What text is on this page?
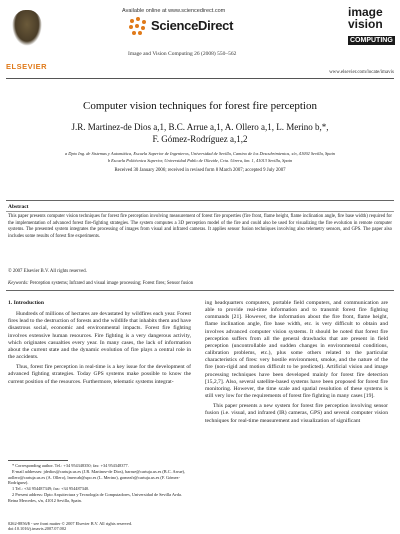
ELSEVIER
Available online at www.sciencedirect.com
ScienceDirect
Image and Vision Computing 26 (2008) 550–562
image
vision
COMPUTING
www.elsevier.com/locate/imavis
Computer vision techniques for forest fire perception
J.R. Martinez-de Dios a,1, B.C. Arrue a,1, A. Ollero a,1, L. Merino b,*,
F. Gómez-Rodríguez a,1,2
a Dpto Ing. de Sistemas y Automática, Escuela Superior de Ingenieros, Universidad de Sevilla, Camino de los Descubrimientos, s/n, 41092 Sevilla, Spain
b Escuela Politécnica Superior, Universidad Pablo de Olavide, Crta. Utrera, km. 1, 41013 Sevilla, Spain
Received 30 January 2006; received in revised form 8 March 2007; accepted 9 July 2007
Abstract
This paper presents computer vision techniques for forest fire perception involving measurement of forest fire properties (fire front, flame height, flame inclination angle, fire base width) required for the implementation of advanced forest fire-fighting strategies. The system computes a 3D perception model of the fire and could also be used for visualizing the fire evolution in remote computer systems. The presented system integrates the processing of images from visual and infrared cameras. It applies sensor fusion techniques involving also telemetry sensors, and GPS. The paper also includes some results of forest fire experiments.
© 2007 Elsevier B.V. All rights reserved.
Keywords: Perception systems; Infrared and visual image processing; Forest fires; Sensor fusion
1. Introduction

Hundreds of millions of hectares are devastated by wildfires each year. Forest fires lead to the destruction of forests and the wildlife that inhabits them and have disastrous social, economic and environmental impacts. Forest fire fighting involves extensive human resources. Fire fighting is a very dangerous activity, which originates casualties every year. In many cases, the lack of information about the current state and the dynamic evolution of fire plays a central role in the accidents.

Thus, forest fire perception in real-time is a key issue for the development of advanced fighting strategies. Today GPS systems make possible to know the current position of the resources. Furthermore, telematic systems integrat-

ing headquarters computers, portable field computers, and communication are able to provide real-time information and to transmit forest fire fighting commands [21]. However, the information about the fire front, flame height, flame inclination angle, fire base width, etc. is very difficult to obtain and involves advanced computer vision systems. It should be noted that forest fire perception suffers from all the general drawbacks that are present in field perception (uncontrollable and sudden changes in environmental conditions, calibration problems, etc.), plus some others related to the particular characteristics of fires: very hostile environment, smoke, and the nature of the fire (non-rigid and motion difficult to be predicted). Artificial vision and image processing techniques have been developed mainly for forest fire detection [15,2,7]. Also, several satellite-based systems have been proposed for forest fire monitoring. However, the time scale and spatial resolution of these systems is still very low for the requirements of forest fire fighting in many cases [19].

This paper presents a new system for forest fire perception involving sensor fusion (i.e. visual, and infrared (IR) cameras, GPS) and several computer vision techniques for real-time measurement and visualization of significant

* Corresponding author. Tel.: +34 954348350; fax: +34 954348377.

E-mail addresses: jdedios@cartuja.us.es (J.R. Martinez-de Dios), barrue@cartuja.us.es (B.C. Arrue), aollero@cartuja.us.es (A. Ollero), lmercab@upo.es (L. Merino), gomezfr@cartuja.us.es (F. Gómez-Rodríguez).

1 Tel.: +34 954487349; fax: +34 954487340.

2 Present address: Dpto Arquitectura y Tecnología de Computadores, Universidad de Sevilla Avda. Reina Mercedes, s/n, 41012 Sevilla, Spain.

0262-8856/$ - see front matter © 2007 Elsevier B.V. All rights reserved.
doi:10.1016/j.imavis.2007.07.002
